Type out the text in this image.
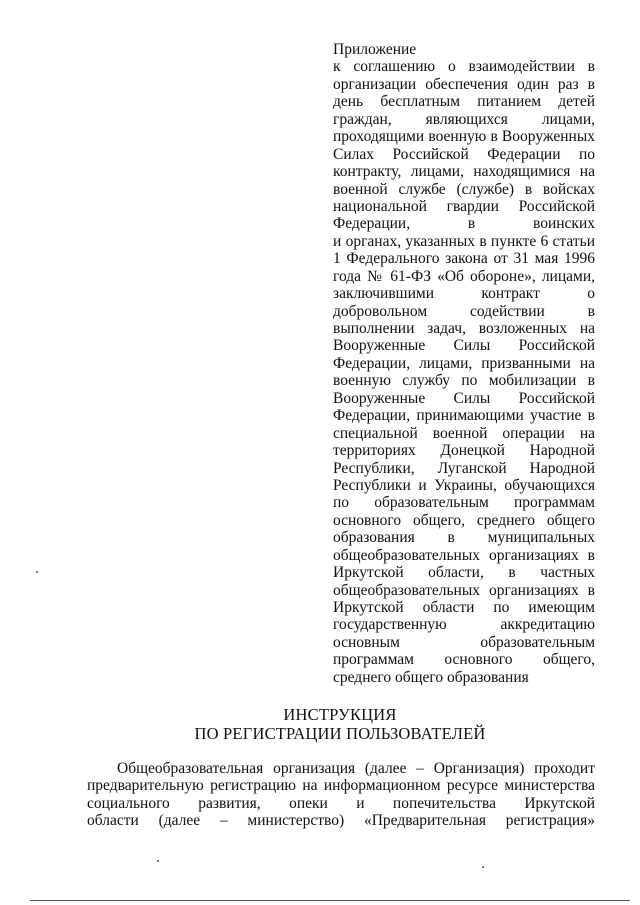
Приложение
к соглашению о взаимодействии в
организации обеспечения один раз в
день бесплатным питанием детей
граждан, являющихся лицами,
проходящими военную в Вооруженных
Силах Российской Федерации по
контракту, лицами, находящимися на
военной службе (службе) в войсках
национальной гвардии Российской
Федерации, в воинских
и органах, указанных в пункте 6 статьи
1 Федерального закона от 31 мая 1996
года № 61-ФЗ «Об обороне», лицами,
заключившими контракт о
добровольном содействии в
выполнении задач, возложенных на
Вооруженные Силы Российской
Федерации, лицами, призванными на
военную службу по мобилизации в
Вооруженные Силы Российской
Федерации, принимающими участие в
специальной военной операции на
территориях Донецкой Народной
Республики, Луганской Народной
Республики и Украины, обучающихся
по образовательным программам
основного общего, среднего общего
образования в муниципальных
общеобразовательных организациях в
Иркутской области, в частных
общеобразовательных организациях в
Иркутской области по имеющим
государственную аккредитацию
основным образовательным
программам основного общего,
среднего общего образования
ИНСТРУКЦИЯ
ПО РЕГИСТРАЦИИ ПОЛЬЗОВАТЕЛЕЙ
Общеобразовательная организация (далее – Организация) проходит
предварительную регистрацию на информационном ресурсе министерства
социального развития, опеки и попечительства Иркутской
области (далее – министерство) «Предварительная регистрация»
